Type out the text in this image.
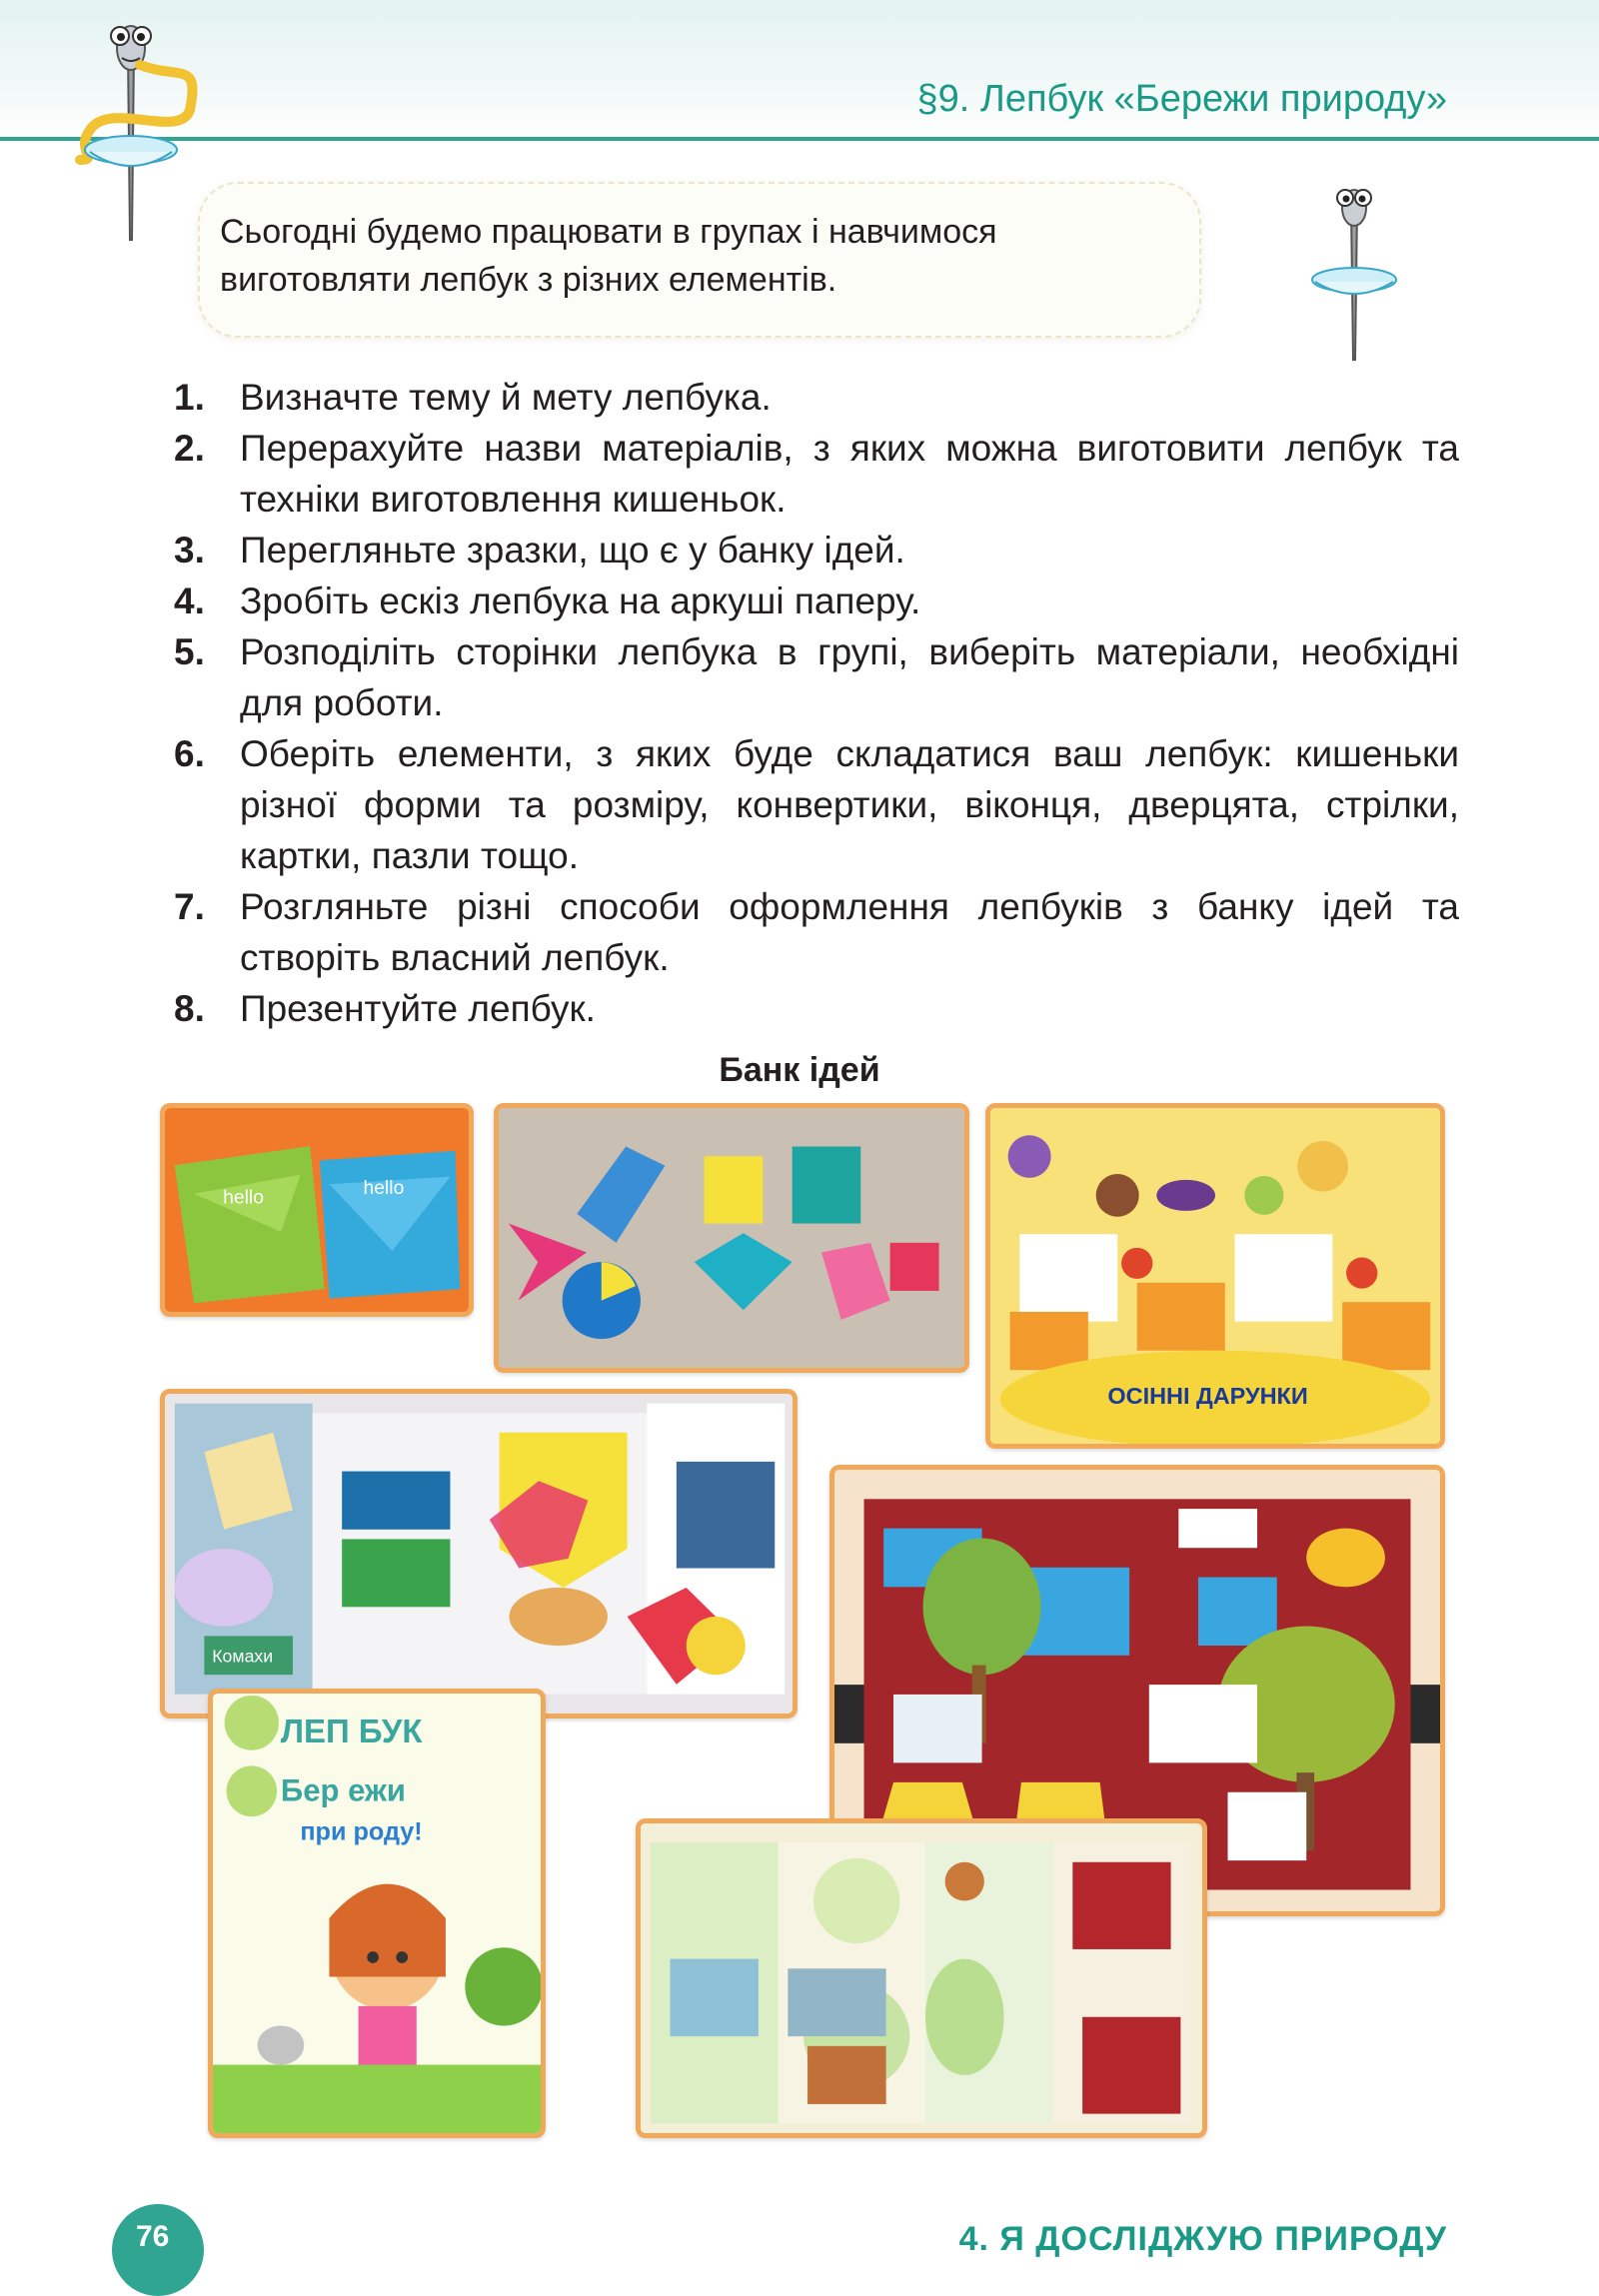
§9. Лепбук «Бережи природу»
Сьогодні будемо працювати в групах і навчимося виготовляти лепбук з різних елементів.
1. Визначте тему й мету лепбука.
2. Перерахуйте назви матеріалів, з яких можна виготовити лепбук та техніки виготовлення кишеньок.
3. Перегляньте зразки, що є у банку ідей.
4. Зробіть ескіз лепбука на аркуші паперу.
5. Розподіліть сторінки лепбука в групі, виберіть матеріали, необхідні для роботи.
6. Оберіть елементи, з яких буде складатися ваш лепбук: кишеньки різної форми та розміру, конвертики, віконця, дверцята, стрілки, картки, пазли тощо.
7. Розгляньте різні способи оформлення лепбуків з банку ідей та створіть власний лепбук.
8. Презентуйте лепбук.
Банк ідей
hello	hello
ОСІННІ ДАРУНКИ
Комахи
ЛЕП БУК
Бер ежи
при роду!
76	4. Я ДОСЛІДЖУЮ ПРИРОДУ
